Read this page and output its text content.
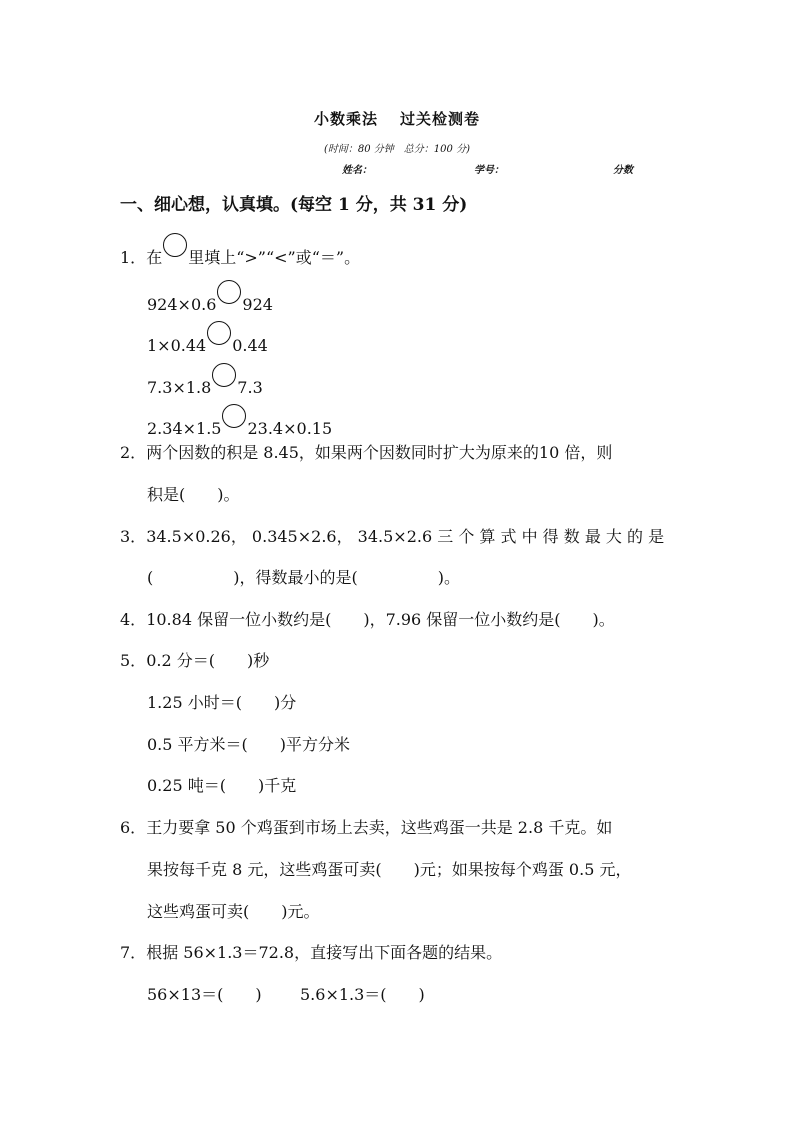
小数乘法 过关检测卷
(时间：80 分钟　总分：100 分)
姓名：	学号：	分数
一、细心想，认真填。(每空 1 分，共 31 分)
1．在 里填上“>”“<”或“＝”。
924×0.6 924
1×0.44 0.44
7.3×1.8 7.3
2.34×1.5 23.4×0.15
2．两个因数的积是 8.45，如果两个因数同时扩大为原来的10 倍，则
积是(　　)。
3．34.5×0.26， 0.345×2.6， 34.5×2.6 三 个 算 式 中 得 数 最 大 的 是
(　　　　　)，得数最小的是(　　　　　)。
4．10.84 保留一位小数约是(　　)，7.96 保留一位小数约是(　　)。
5．0.2 分＝(　　)秒
1.25 小时＝(　　)分
0.5 平方米＝(　　)平方分米
0.25 吨＝(　　)千克
6．王力要拿 50 个鸡蛋到市场上去卖，这些鸡蛋一共是 2.8 千克。如
果按每千克 8 元，这些鸡蛋可卖(　　)元；如果按每个鸡蛋 0.5 元，
这些鸡蛋可卖(　　)元。
7．根据 56×1.3＝72.8，直接写出下面各题的结果。
56×13＝(　　) 5.6×1.3＝(　　)
